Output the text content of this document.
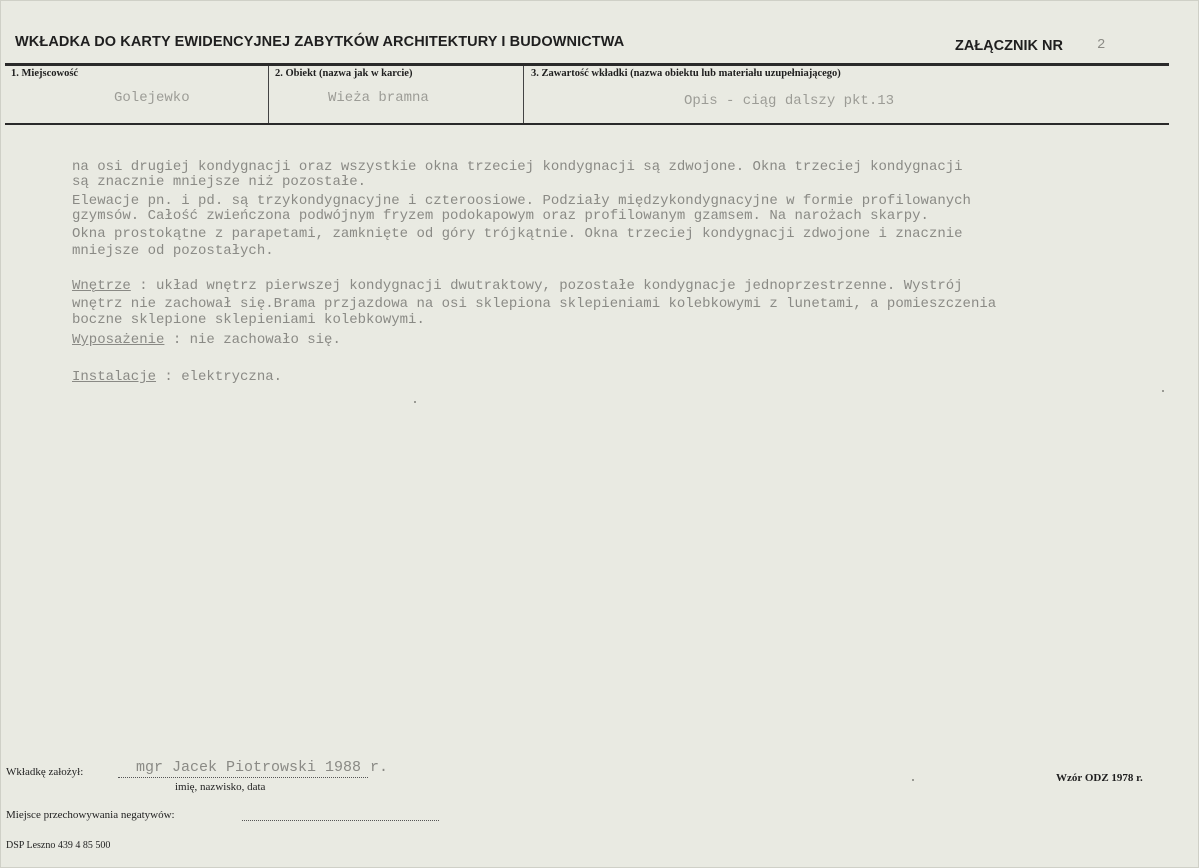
WKŁADKA DO KARTY EWIDENCYJNEJ ZABYTKÓW ARCHITEKTURY I BUDOWNICTWA	ZAŁĄCZNIK NR 2
1. Miejscowość
Golejewko
2. Obiekt (nazwa jak w karcie)
Wieża bramna
3. Zawartość wkładki (nazwa obiektu lub materiału uzupełniającego)
Opis - ciąg dalszy pkt.13
na osi drugiej kondygnacji oraz wszystkie okna trzeciej kondygnacji są zdwojone. Okna trzeciej kondygnacji
są znacznie mniejsze niż pozostałe.
Elewacje pn. i pd. są trzykondygnacyjne i czteroosiowe. Podziały międzykondygnacyjne w formie profilowanych
gzymsów. Całość zwieńczona podwójnym fryzem podokapowym oraz profilowanym gzamsem. Na narożach skarpy.
Okna prostokątne z parapetami, zamknięte od góry trójkątnie. Okna trzeciej kondygnacji zdwojone i znacznie
mniejsze od pozostałych.
Wnętrze : układ wnętrz pierwszej kondygnacji dwutraktowy, pozostałe kondygnacje jednoprzestrzenne. Wystrój
wnętrz nie zachował się.Brama przjazdowa na osi sklepiona sklepieniami kolebkowymi z lunetami, a pomieszczenia
boczne sklepione sklepieniami kolebkowymi.
Wyposażenie : nie zachowało się.
Instalacje : elektryczna.
Wkładkę założył:	mgr Jacek Piotrowski 1988 r.
imię, nazwisko, data
Wzór ODZ 1978 r.
Miejsce przechowywania negatywów:
DSP Leszno 439 4 85 500
